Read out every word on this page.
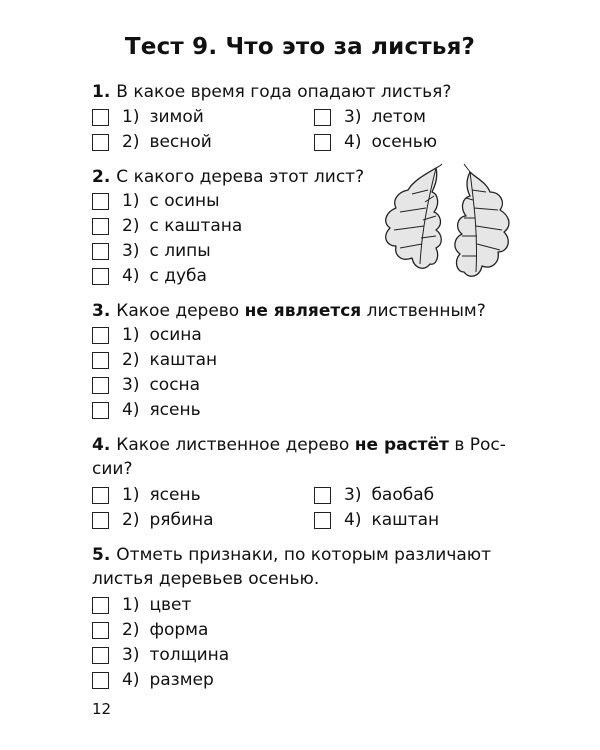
Тест 9. Что это за листья?
1. В какое время года опадают листья?
1) зимой
2) весной
3) летом
4) осенью
2. С какого дерева этот лист?
1) с осины
2) с каштана
3) с липы
4) с дуба
3. Какое дерево не является лиственным?
1) осина
2) каштан
3) сосна
4) ясень
4. Какое лиственное дерево не растёт в Рос-
сии?
1) ясень
2) рябина
3) баобаб
4) каштан
5. Отметь признаки, по которым различают
листья деревьев осенью.
1) цвет
2) форма
3) толщина
4) размер
12
